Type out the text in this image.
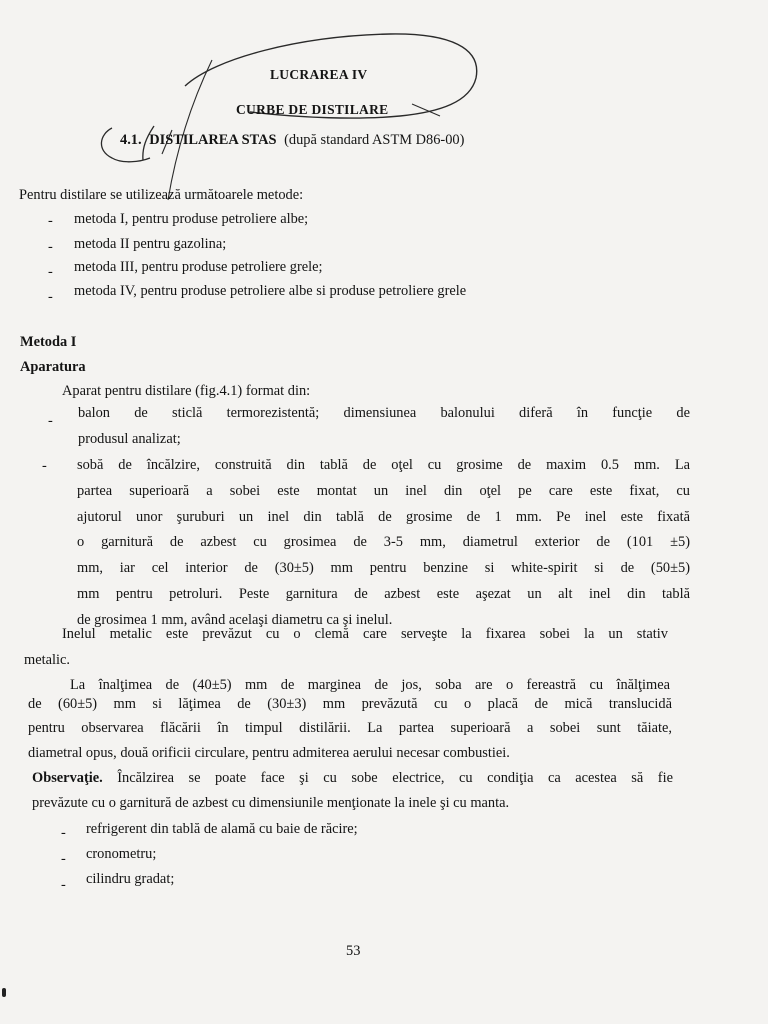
LUCRAREA IV
CURBE DE DISTILARE
4.1. DISTILAREA STAS (după standard ASTM D86-00)
Pentru distilare se utilizează următoarele metode:
- metoda I, pentru produse petroliere albe;
- metoda II pentru gazolina;
- metoda III, pentru produse petroliere grele;
- metoda IV, pentru produse petroliere albe si produse petroliere grele
Metoda I
Aparatura
Aparat pentru distilare (fig.4.1) format din:
- balon de sticlă termorezistentă; dimensiunea balonului diferă în funcţie de
produsul analizat;
- sobă de încălzire, construită din tablă de oţel cu grosime de maxim 0.5 mm. La
partea superioară a sobei este montat un inel din oţel pe care este fixat, cu
ajutorul unor şuruburi un inel din tablă de grosime de 1 mm. Pe inel este fixată
o garnitură de azbest cu grosimea de 3-5 mm, diametrul exterior de (101 ±5)
mm, iar cel interior de (30±5) mm pentru benzine si white-spirit si de (50±5)
mm pentru petroluri. Peste garnitura de azbest este aşezat un alt inel din tablă
de grosimea 1 mm, având acelaşi diametru ca şi inelul.
Inelul metalic este prevăzut cu o clemă care serveşte la fixarea sobei la un stativ
metalic.
La înalţimea de (40±5) mm de marginea de jos, soba are o fereastră cu înălţimea
de (60±5) mm si lăţimea de (30±3) mm prevăzută cu o placă de mică translucidă
pentru observarea flăcării în timpul distilării. La partea superioară a sobei sunt tăiate,
diametral opus, două orificii circulare, pentru admiterea aerului necesar combustiei.
Observaţie. Încălzirea se poate face şi cu sobe electrice, cu condiţia ca acestea să fie
prevăzute cu o garnitură de azbest cu dimensiunile menţionate la inele şi cu manta.
- refrigerent din tablă de alamă cu baie de răcire;
- cronometru;
- cilindru gradat;
53
